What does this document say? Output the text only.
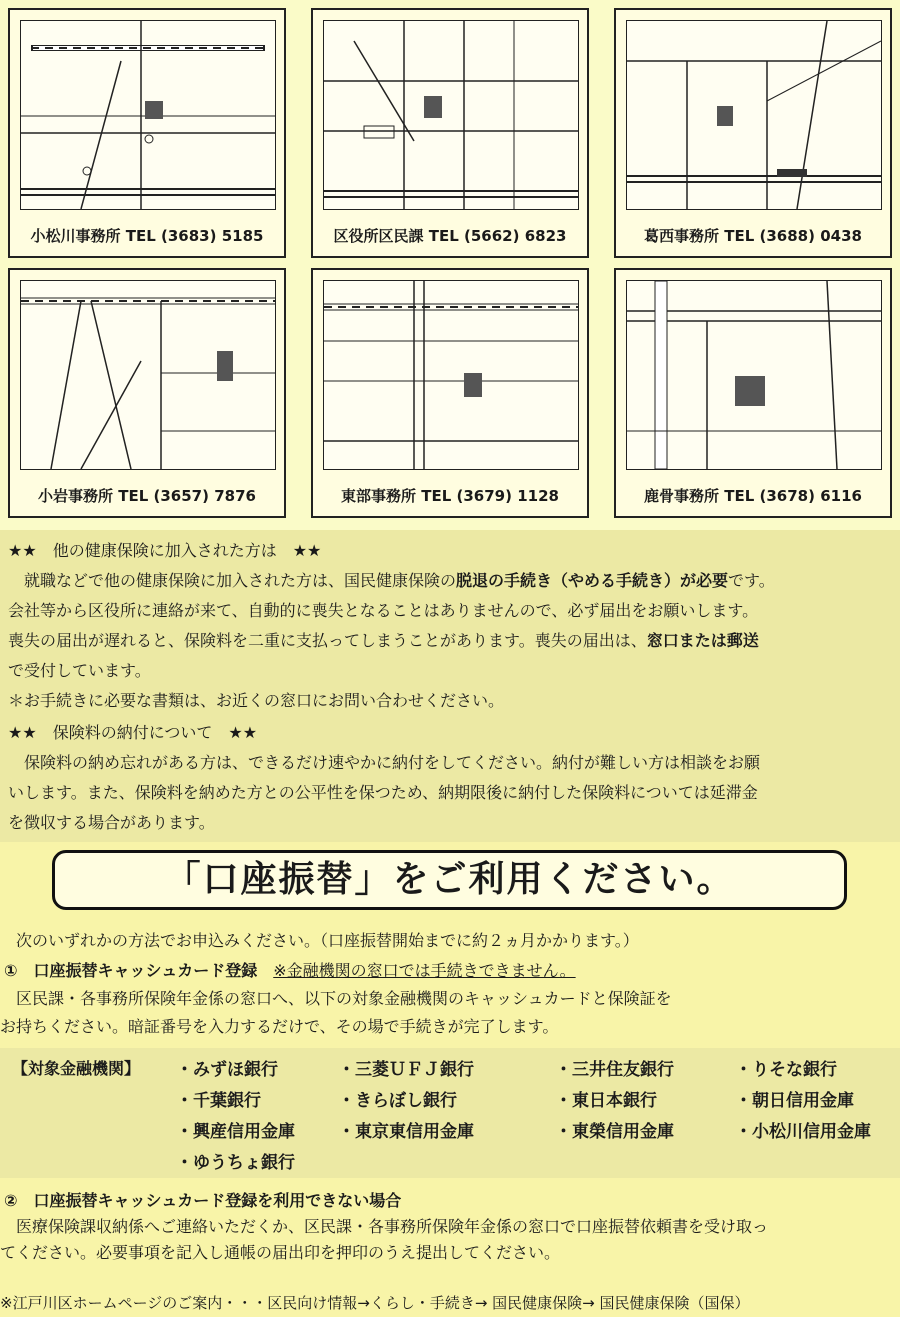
小松川事務所 TEL (3683) 5185	区役所区民課 TEL (5662) 6823	葛西事務所 TEL (3688) 0438
小岩事務所 TEL (3657) 7876	東部事務所 TEL (3679) 1128	鹿骨事務所 TEL (3678) 6116
★★　他の健康保険に加入された方は　★★
　就職などで他の健康保険に加入された方は、国民健康保険の脱退の手続き（やめる手続き）が必要です。
会社等から区役所に連絡が来て、自動的に喪失となることはありませんので、必ず届出をお願いします。
喪失の届出が遅れると、保険料を二重に支払ってしまうことがあります。喪失の届出は、窓口または郵送
で受付しています。
＊お手続きに必要な書類は、お近くの窓口にお問い合わせください。
★★　保険料の納付について　★★
　保険料の納め忘れがある方は、できるだけ速やかに納付をしてください。納付が難しい方は相談をお願
いします。また、保険料を納めた方との公平性を保つため、納期限後に納付した保険料については延滞金
を徴収する場合があります。
「口座振替」をご利用ください。
　次のいずれかの方法でお申込みください。（口座振替開始までに約２ヵ月かかります。）
①　口座振替キャッシュカード登録　 ※金融機関の窓口では手続きできません。
　区民課・各事務所保険年金係の窓口へ、以下の対象金融機関のキャッシュカードと保険証を
お持ちください。暗証番号を入力するだけで、その場で手続きが完了します。
【対象金融機関】 ・みずほ銀行	・三菱ＵＦＪ銀行	・三井住友銀行	・りそな銀行
・千葉銀行	・きらぼし銀行	・東日本銀行	・朝日信用金庫
・興産信用金庫	・東京東信用金庫	・東榮信用金庫	・小松川信用金庫
・ゆうちょ銀行
②　口座振替キャッシュカード登録を利用できない場合
　医療保険課収納係へご連絡いただくか、区民課・各事務所保険年金係の窓口で口座振替依頼書を受け取っ
てください。必要事項を記入し通帳の届出印を押印のうえ提出してください。
※江戸川区ホームページのご案内・・・区民向け情報→くらし・手続き→ 国民健康保険→ 国民健康保険（国保）
